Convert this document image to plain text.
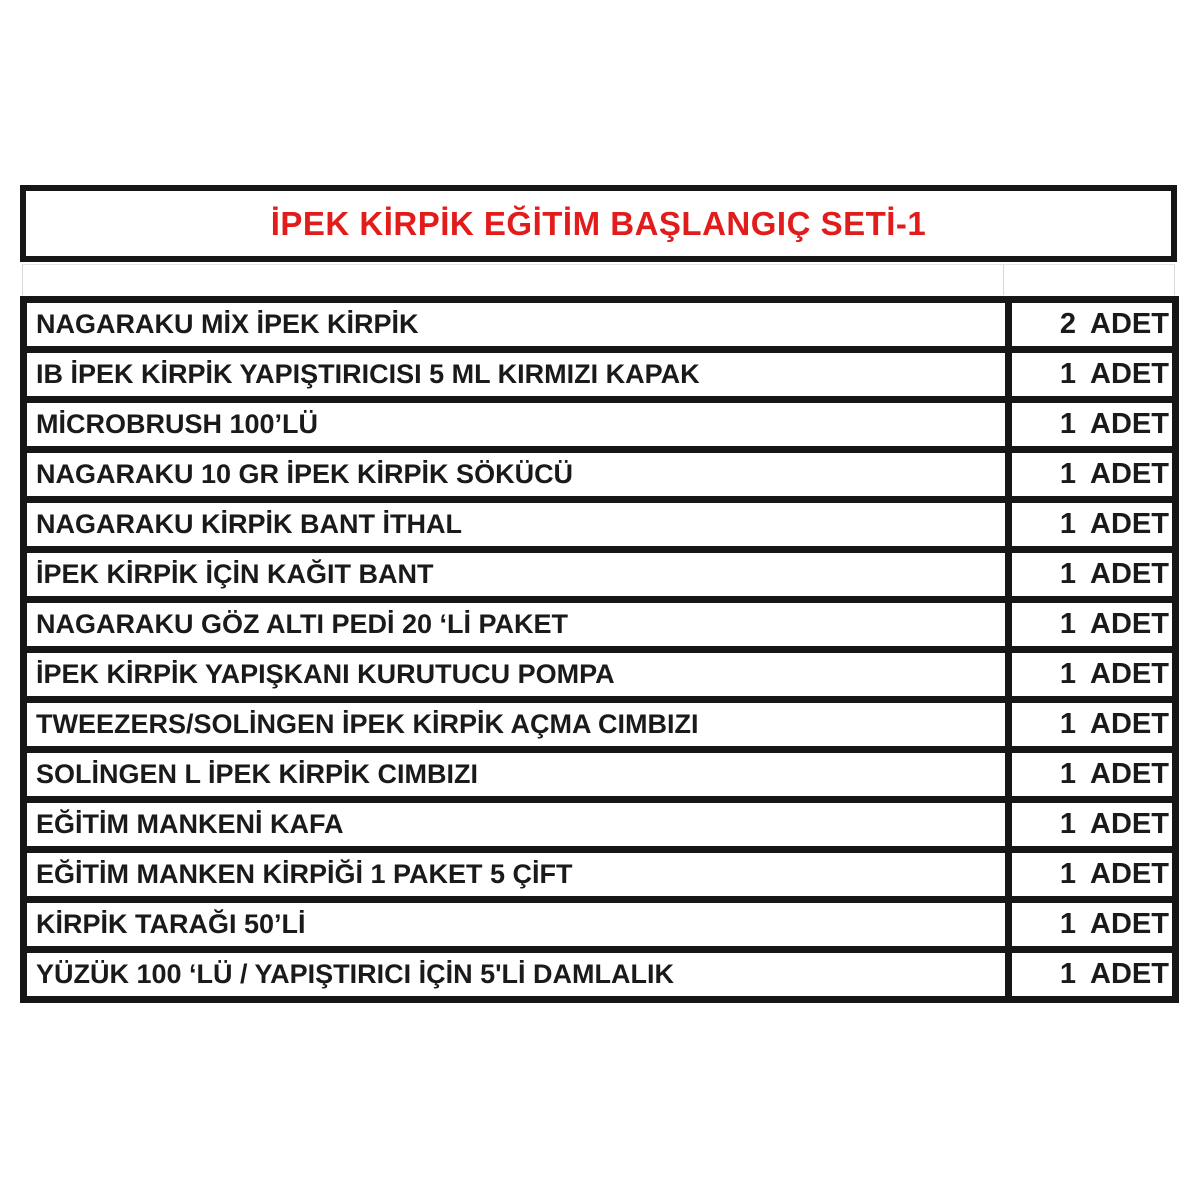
İPEK KİRPİK EĞİTİM BAŞLANGIÇ SETİ-1
NAGARAKU MİX İPEK KİRPİK	2 ADET

IB İPEK KİRPİK YAPIŞTIRICISI 5 ML KIRMIZI KAPAK	1 ADET

MİCROBRUSH 100’LÜ	1 ADET

NAGARAKU 10 GR İPEK KİRPİK SÖKÜCÜ	1 ADET

NAGARAKU KİRPİK BANT İTHAL	1 ADET

İPEK KİRPİK İÇİN KAĞIT BANT	1 ADET

NAGARAKU GÖZ ALTI PEDİ 20 ‘Lİ PAKET	1 ADET

İPEK KİRPİK YAPIŞKANI KURUTUCU POMPA	1 ADET

TWEEZERS/SOLİNGEN İPEK KİRPİK AÇMA CIMBIZI	1 ADET

SOLİNGEN L İPEK KİRPİK CIMBIZI	1 ADET

EĞİTİM MANKENİ KAFA	1 ADET

EĞİTİM MANKEN KİRPİĞİ 1 PAKET 5 ÇİFT	1 ADET

KİRPİK TARAĞI 50’Lİ	1 ADET

YÜZÜK 100 ‘LÜ / YAPIŞTIRICI İÇİN 5'Lİ DAMLALIK	1 ADET
